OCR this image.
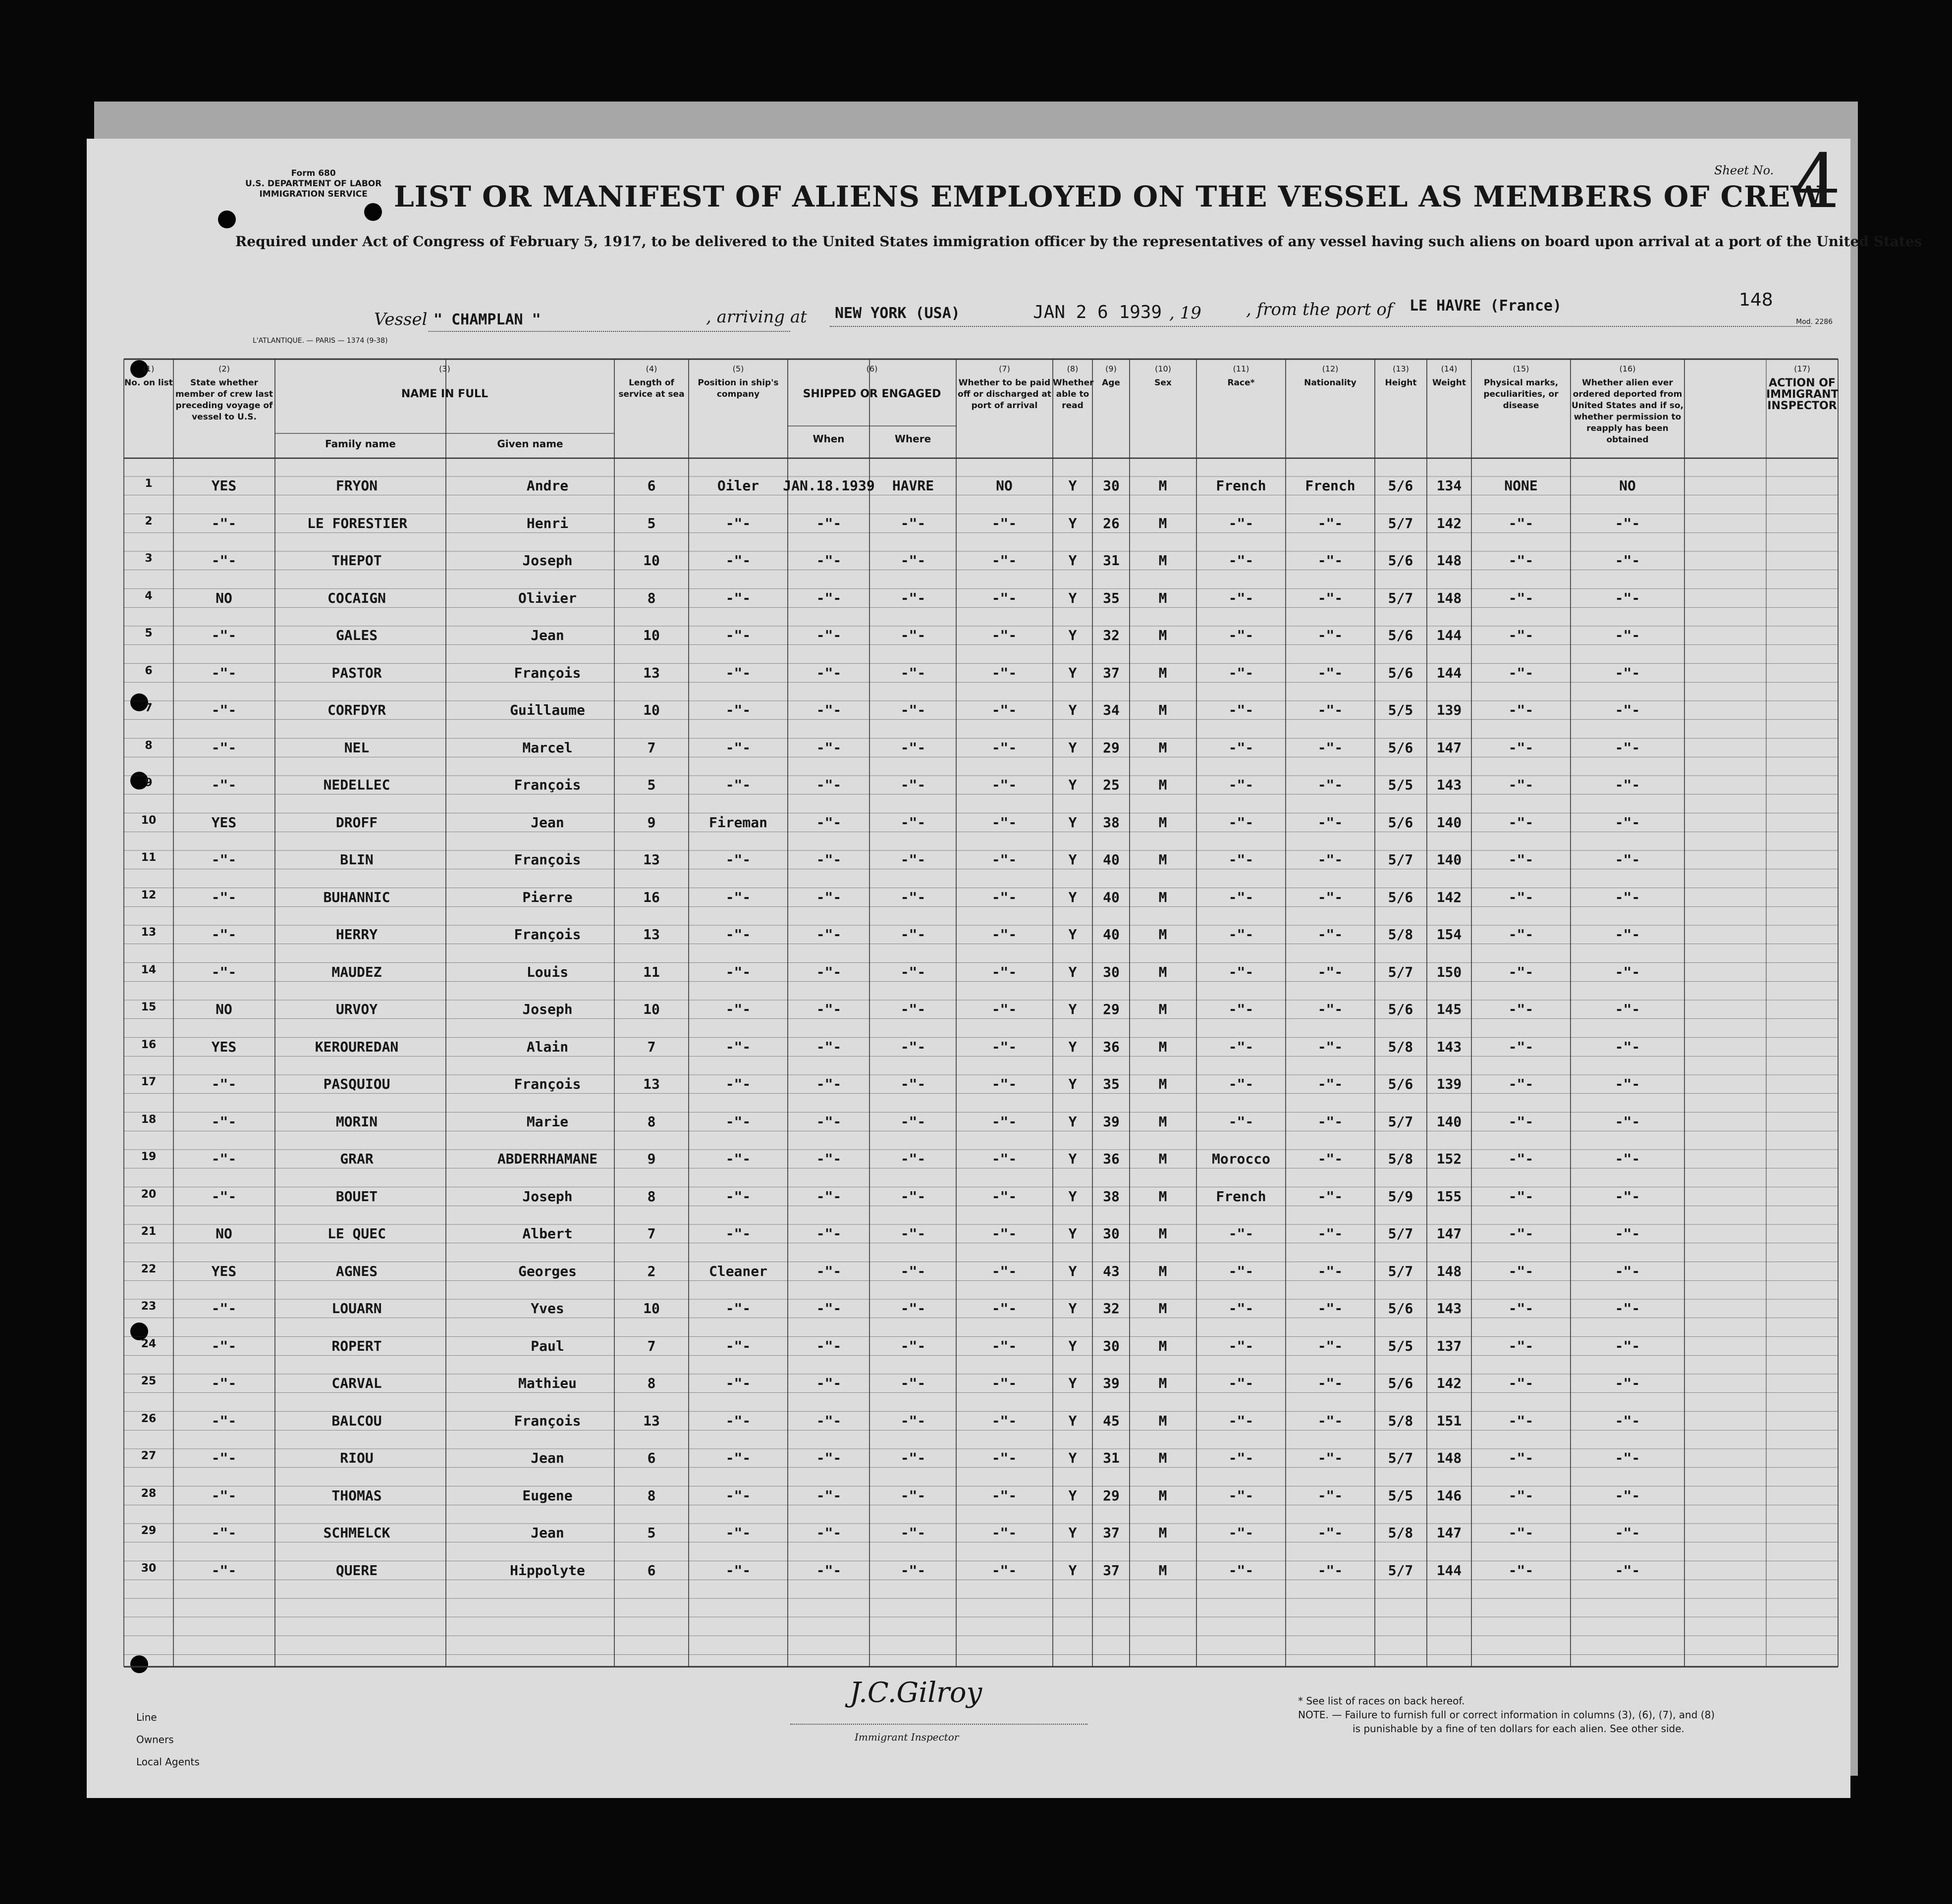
Form 680
U.S. DEPARTMENT OF LABOR
IMMIGRATION SERVICE LIST OR MANIFEST OF ALIENS EMPLOYED ON THE VESSEL AS MEMBERS OF CREW
Sheet No. 4
Required under Act of Congress of February 5, 1917, to be delivered to the United States immigration officer by the representatives of any vessel having such aliens on board upon arrival at a port of the United States
Vessel " CHAMPLAN "	, arriving at NEW YORK (USA)	JAN 2 6 1939 , 19	, from the port of LE HAVRE (France)	148
L'ATLANTIQUE. — PARIS — 1374 (9-38)
Mod. 2286
(1)
No. on list
(2)
State whether member of crew last preceding voyage of vessel to U.S.
(3)
NAME IN FULL
Family name	Given name
(4)
Length of service at sea
(5)
Position in ship's company
(6)
SHIPPED OR ENGAGED
When	Where
(7)
Whether to be paid off or discharged at port of arrival
(8)
Whether able to read
(9)
Age
(10)
Sex
(11)
Race*
(12)
Nationality
(13)
Height
(14)
Weight
(15)
Physical marks, peculiarities, or disease
(16)
Whether alien ever ordered deported from United States and if so, whether permission to reapply has been obtained
(17)
ACTION OF IMMIGRANT INSPECTOR
1	YES	FRYON	Andre	6	Oiler	JAN.18.1939	HAVRE	NO	Y	30	M	French	French	5/6	134	NONE	NO
2	-"-	LE FORESTIER	Henri	5	-"-	-"-	-"-	-"-	Y	26	M	-"-	-"-	5/7	142	-"-	-"-
3	-"-	THEPOT	Joseph	10	-"-	-"-	-"-	-"-	Y	31	M	-"-	-"-	5/6	148	-"-	-"-
4	NO	COCAIGN	Olivier	8	-"-	-"-	-"-	-"-	Y	35	M	-"-	-"-	5/7	148	-"-	-"-
5	-"-	GALES	Jean	10	-"-	-"-	-"-	-"-	Y	32	M	-"-	-"-	5/6	144	-"-	-"-
6	-"-	PASTOR	François	13	-"-	-"-	-"-	-"-	Y	37	M	-"-	-"-	5/6	144	-"-	-"-
7	-"-	CORFDYR	Guillaume	10	-"-	-"-	-"-	-"-	Y	34	M	-"-	-"-	5/5	139	-"-	-"-
8	-"-	NEL	Marcel	7	-"-	-"-	-"-	-"-	Y	29	M	-"-	-"-	5/6	147	-"-	-"-
9	-"-	NEDELLEC	François	5	-"-	-"-	-"-	-"-	Y	25	M	-"-	-"-	5/5	143	-"-	-"-
10	YES	DROFF	Jean	9	Fireman	-"-	-"-	-"-	Y	38	M	-"-	-"-	5/6	140	-"-	-"-
11	-"-	BLIN	François	13	-"-	-"-	-"-	-"-	Y	40	M	-"-	-"-	5/7	140	-"-	-"-
12	-"-	BUHANNIC	Pierre	16	-"-	-"-	-"-	-"-	Y	40	M	-"-	-"-	5/6	142	-"-	-"-
13	-"-	HERRY	François	13	-"-	-"-	-"-	-"-	Y	40	M	-"-	-"-	5/8	154	-"-	-"-
14	-"-	MAUDEZ	Louis	11	-"-	-"-	-"-	-"-	Y	30	M	-"-	-"-	5/7	150	-"-	-"-
15	NO	URVOY	Joseph	10	-"-	-"-	-"-	-"-	Y	29	M	-"-	-"-	5/6	145	-"-	-"-
16	YES	KEROUREDAN	Alain	7	-"-	-"-	-"-	-"-	Y	36	M	-"-	-"-	5/8	143	-"-	-"-
17	-"-	PASQUIOU	François	13	-"-	-"-	-"-	-"-	Y	35	M	-"-	-"-	5/6	139	-"-	-"-
18	-"-	MORIN	Marie	8	-"-	-"-	-"-	-"-	Y	39	M	-"-	-"-	5/7	140	-"-	-"-
19	-"-	GRAR	ABDERRHAMANE	9	-"-	-"-	-"-	-"-	Y	36	M	Morocco	-"-	5/8	152	-"-	-"-
20	-"-	BOUET	Joseph	8	-"-	-"-	-"-	-"-	Y	38	M	French	-"-	5/9	155	-"-	-"-
21	NO	LE QUEC	Albert	7	-"-	-"-	-"-	-"-	Y	30	M	-"-	-"-	5/7	147	-"-	-"-
22	YES	AGNES	Georges	2	Cleaner	-"-	-"-	-"-	Y	43	M	-"-	-"-	5/7	148	-"-	-"-
23	-"-	LOUARN	Yves	10	-"-	-"-	-"-	-"-	Y	32	M	-"-	-"-	5/6	143	-"-	-"-
24	-"-	ROPERT	Paul	7	-"-	-"-	-"-	-"-	Y	30	M	-"-	-"-	5/5	137	-"-	-"-
25	-"-	CARVAL	Mathieu	8	-"-	-"-	-"-	-"-	Y	39	M	-"-	-"-	5/6	142	-"-	-"-
26	-"-	BALCOU	François	13	-"-	-"-	-"-	-"-	Y	45	M	-"-	-"-	5/8	151	-"-	-"-
27	-"-	RIOU	Jean	6	-"-	-"-	-"-	-"-	Y	31	M	-"-	-"-	5/7	148	-"-	-"-
28	-"-	THOMAS	Eugene	8	-"-	-"-	-"-	-"-	Y	29	M	-"-	-"-	5/5	146	-"-	-"-
29	-"-	SCHMELCK	Jean	5	-"-	-"-	-"-	-"-	Y	37	M	-"-	-"-	5/8	147	-"-	-"-
30	-"-	QUERE	Hippolyte	6	-"-	-"-	-"-	-"-	Y	37	M	-"-	-"-	5/7	144	-"-	-"-
Line
Owners
Local Agents
J.C.Gilroy
Immigrant Inspector
* See list of races on back hereof.
NOTE. — Failure to furnish full or correct information in columns (3), (6), (7), and (8)
is punishable by a fine of ten dollars for each alien. See other side.
